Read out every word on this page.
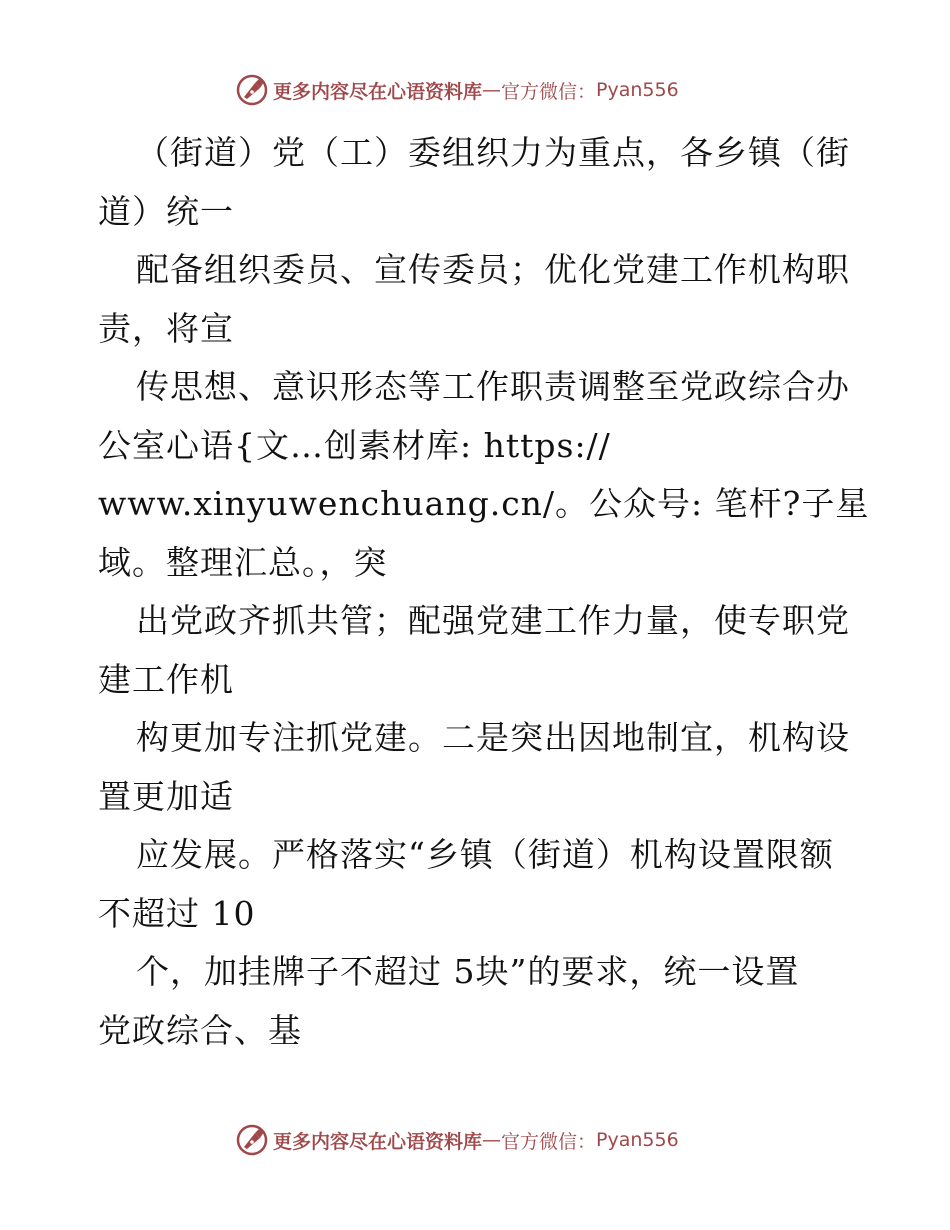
更多内容尽在心语资料库 — 官方微信： Pyan556
（街道）党（工）委组织力为重点，各乡镇（街
道）统一
配备组织委员、宣传委员；优化党建工作机构职
责，将宣
传思想、意识形态等工作职责调整至党政综合办
公室心语{文…创素材库: https://
www.xinyuwenchuang.cn/。公众号: 笔杆?子星
域。整理汇总。，突
出党政齐抓共管；配强党建工作力量，使专职党
建工作机
构更加专注抓党建。二是突出因地制宜，机构设
置更加适
应发展。严格落实“乡镇（街道）机构设置限额
不超过 10
个，加挂牌子不超过 5块”的要求，统一设置
党政综合、基
更多内容尽在心语资料库 — 官方微信： Pyan556
